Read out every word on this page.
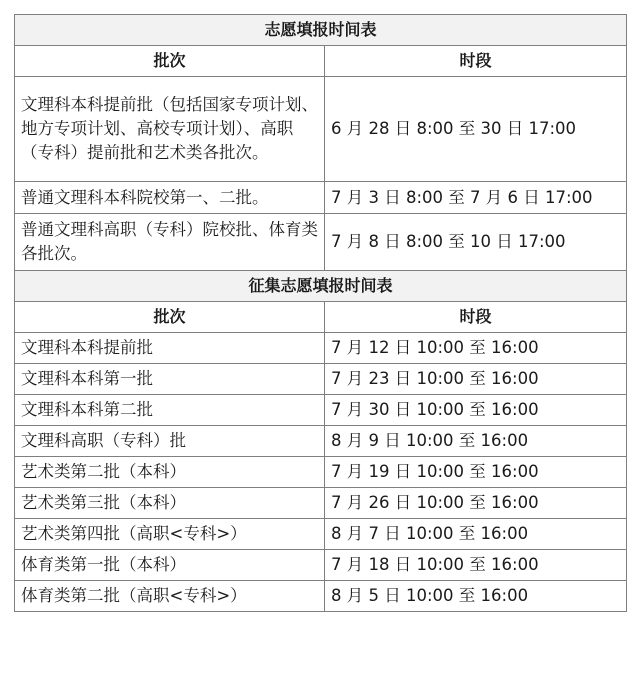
志愿填报时间表	
批次	时段
文理科本科提前批（包括国家专项计划、地方专项计划、高校专项计划）、高职（专科）提前批和艺术类各批次。	6 月 28 日 8:00 至 30 日 17:00
普通文理科本科院校第一、二批。	7 月 3 日 8:00 至 7 月 6 日 17:00
普通文理科高职（专科）院校批、体育类各批次。	7 月 8 日 8:00 至 10 日 17:00
征集志愿填报时间表	
批次	时段
文理科本科提前批	7 月 12 日 10:00 至 16:00
文理科本科第一批	7 月 23 日 10:00 至 16:00
文理科本科第二批	7 月 30 日 10:00 至 16:00
文理科高职（专科）批	8 月 9 日 10:00 至 16:00
艺术类第二批（本科）	7 月 19 日 10:00 至 16:00
艺术类第三批（本科）	7 月 26 日 10:00 至 16:00
艺术类第四批（高职<专科>）	8 月 7 日 10:00 至 16:00
体育类第一批（本科）	7 月 18 日 10:00 至 16:00
体育类第二批（高职<专科>）	8 月 5 日 10:00 至 16:00
